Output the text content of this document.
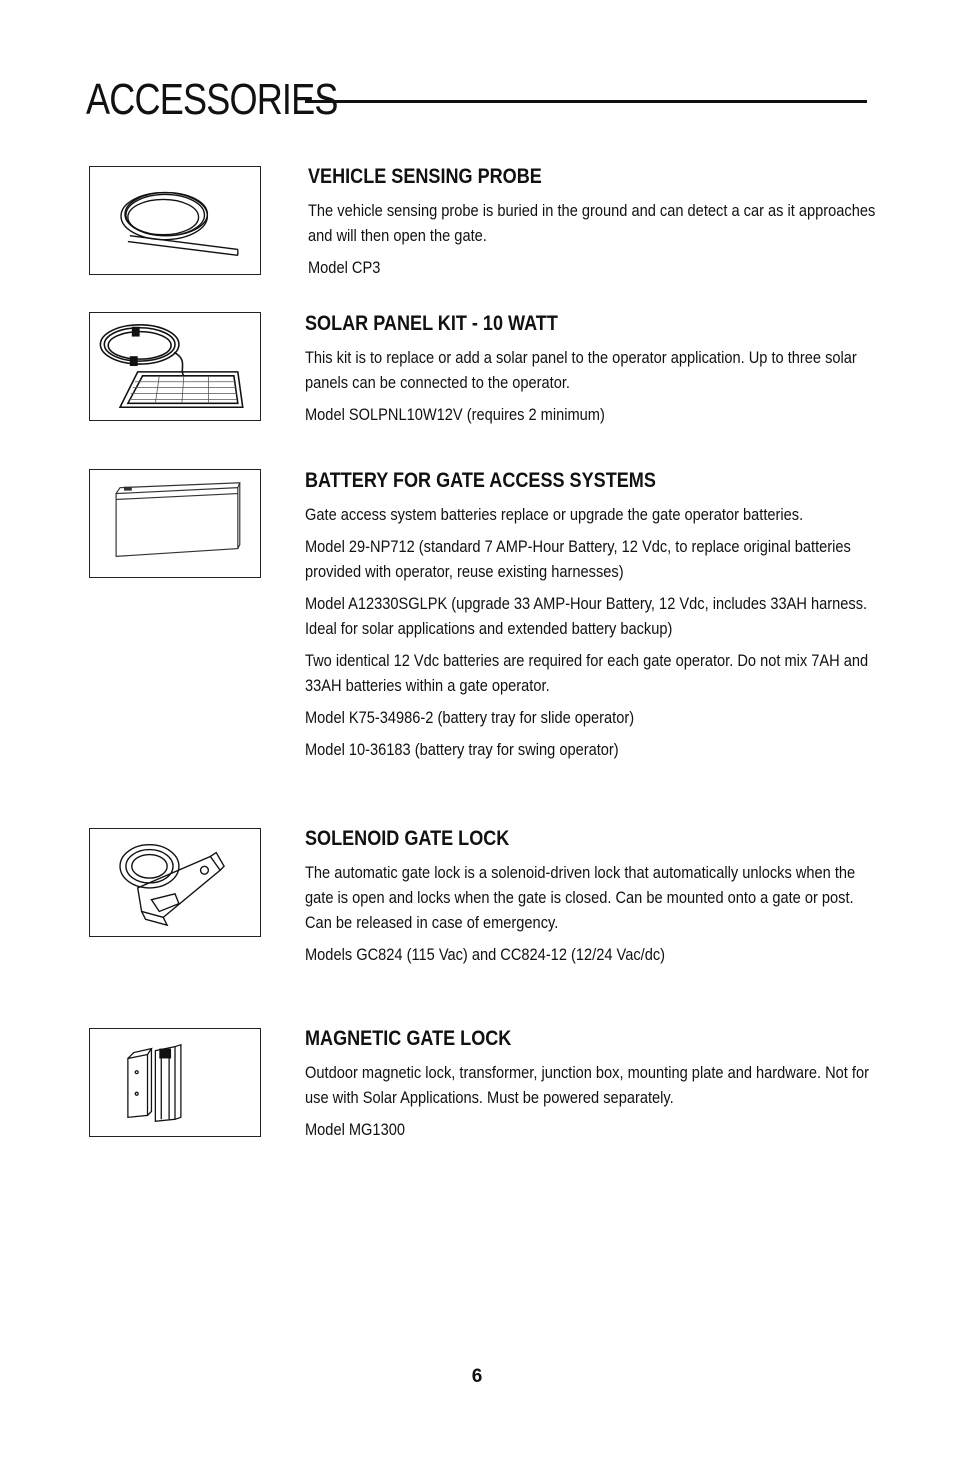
ACCESSORIES
VEHICLE SENSING PROBE

The vehicle sensing probe is buried in the ground and can detect a car as it approaches and will then open the gate.

Model CP3

SOLAR PANEL KIT - 10 WATT

This kit is to replace or add a solar panel to the operator application. Up to three solar panels can be connected to the operator.

Model SOLPNL10W12V (requires 2 minimum)

BATTERY FOR GATE ACCESS SYSTEMS

Gate access system batteries replace or upgrade the gate operator batteries.

Model 29-NP712 (standard 7 AMP-Hour Battery, 12 Vdc, to replace original batteries provided with operator, reuse existing harnesses)

Model A12330SGLPK (upgrade 33 AMP-Hour Battery, 12 Vdc, includes 33AH harness. Ideal for solar applications and extended battery backup)

Two identical 12 Vdc batteries are required for each gate operator. Do not mix 7AH and 33AH batteries within a gate operator.

Model K75-34986-2 (battery tray for slide operator)

Model 10-36183 (battery tray for swing operator)

SOLENOID GATE LOCK

The automatic gate lock is a solenoid-driven lock that automatically unlocks when the gate is open and locks when the gate is closed. Can be mounted onto a gate or post. Can be released in case of emergency.

Models GC824 (115 Vac) and CC824-12 (12/24 Vac/dc)

MAGNETIC GATE LOCK

Outdoor magnetic lock, transformer, junction box, mounting plate and hardware. Not for use with Solar Applications. Must be powered separately.

Model MG1300

6
